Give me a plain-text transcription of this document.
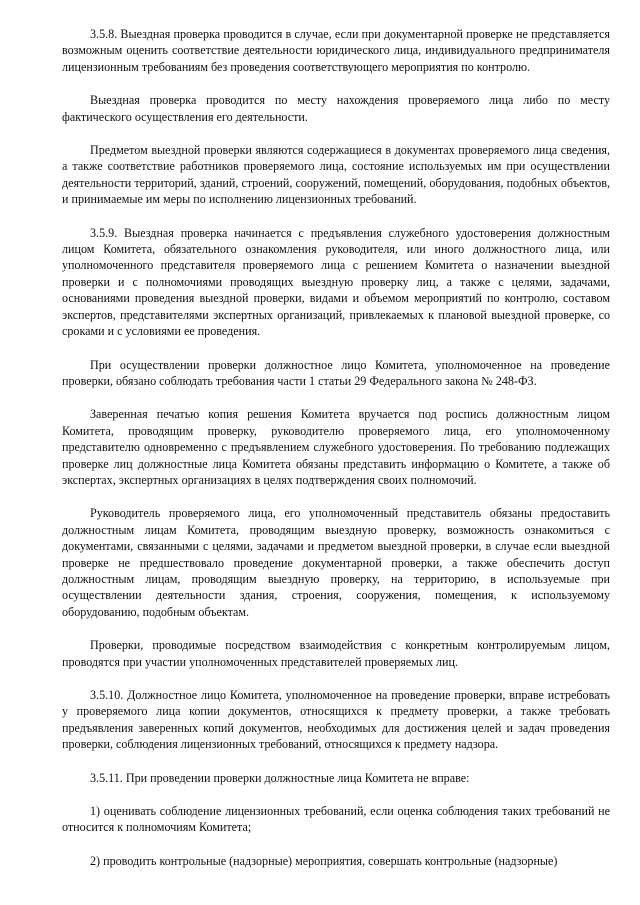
3.5.8. Выездная проверка проводится в случае, если при документарной проверке не представляется возможным оценить соответствие деятельности юридического лица, индивидуального предпринимателя лицензионным требованиям без проведения соответствующего мероприятия по контролю.

Выездная проверка проводится по месту нахождения проверяемого лица либо по месту фактического осуществления его деятельности.

Предметом выездной проверки являются содержащиеся в документах проверяемого лица сведения, а также соответствие работников проверяемого лица, состояние используемых им при осуществлении деятельности территорий, зданий, строений, сооружений, помещений, оборудования, подобных объектов, и принимаемые им меры по исполнению лицензионных требований.

3.5.9. Выездная проверка начинается с предъявления служебного удостоверения должностным лицом Комитета, обязательного ознакомления руководителя, или иного должностного лица, или уполномоченного представителя проверяемого лица с решением Комитета о назначении выездной проверки и с полномочиями проводящих выездную проверку лиц, а также с целями, задачами, основаниями проведения выездной проверки, видами и объемом мероприятий по контролю, составом экспертов, представителями экспертных организаций, привлекаемых к плановой выездной проверке, со сроками и с условиями ее проведения.

При осуществлении проверки должностное лицо Комитета, уполномоченное на проведение проверки, обязано соблюдать требования части 1 статьи 29 Федерального закона № 248-ФЗ.

Заверенная печатью копия решения Комитета вручается под роспись должностным лицом Комитета, проводящим проверку, руководителю проверяемого лица, его уполномоченному представителю одновременно с предъявлением служебного удостоверения. По требованию подлежащих проверке лиц должностные лица Комитета обязаны представить информацию о Комитете, а также об экспертах, экспертных организациях в целях подтверждения своих полномочий.

Руководитель проверяемого лица, его уполномоченный представитель обязаны предоставить должностным лицам Комитета, проводящим выездную проверку, возможность ознакомиться с документами, связанными с целями, задачами и предметом выездной проверки, в случае если выездной проверке не предшествовало проведение документарной проверки, а также обеспечить доступ должностным лицам, проводящим выездную проверку, на территорию, в используемые при осуществлении деятельности здания, строения, сооружения, помещения, к используемому оборудованию, подобным объектам.

Проверки, проводимые посредством взаимодействия с конкретным контролируемым лицом, проводятся при участии уполномоченных представителей проверяемых лиц.

3.5.10. Должностное лицо Комитета, уполномоченное на проведение проверки, вправе истребовать у проверяемого лица копии документов, относящихся к предмету проверки, а также требовать предъявления заверенных копий документов, необходимых для достижения целей и задач проведения проверки, соблюдения лицензионных требований, относящихся к предмету надзора.

3.5.11. При проведении проверки должностные лица Комитета не вправе:

1) оценивать соблюдение лицензионных требований, если оценка соблюдения таких требований не относится к полномочиям Комитета;

2) проводить контрольные (надзорные) мероприятия, совершать контрольные (надзорные)
